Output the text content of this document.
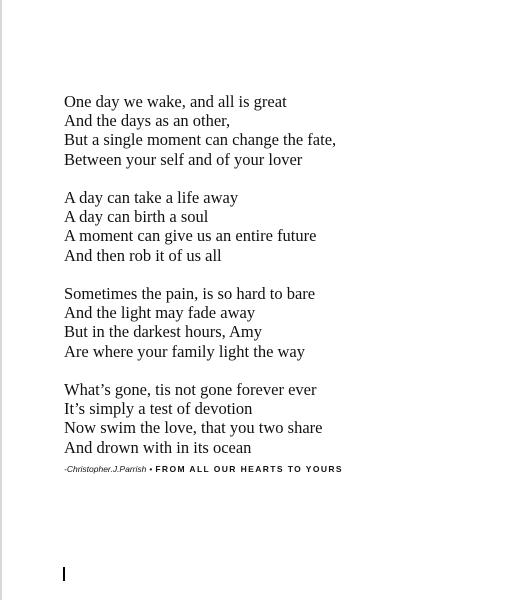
One day we wake, and all is great
And the days as an other,
But a single moment can change the fate,
Between your self and of your lover
A day can take a life away
A day can birth a soul
A moment can give us an entire future
And then rob it of us all
Sometimes the pain, is so hard to bare
And the light may fade away
But in the darkest hours, Amy
Are where your family light the way
What’s gone, tis not gone forever ever
It’s simply a test of devotion
Now swim the love, that you two share
And drown with in its ocean
-Christopher.J.Parrish • FROM ALL OUR HEARTS TO YOURS
